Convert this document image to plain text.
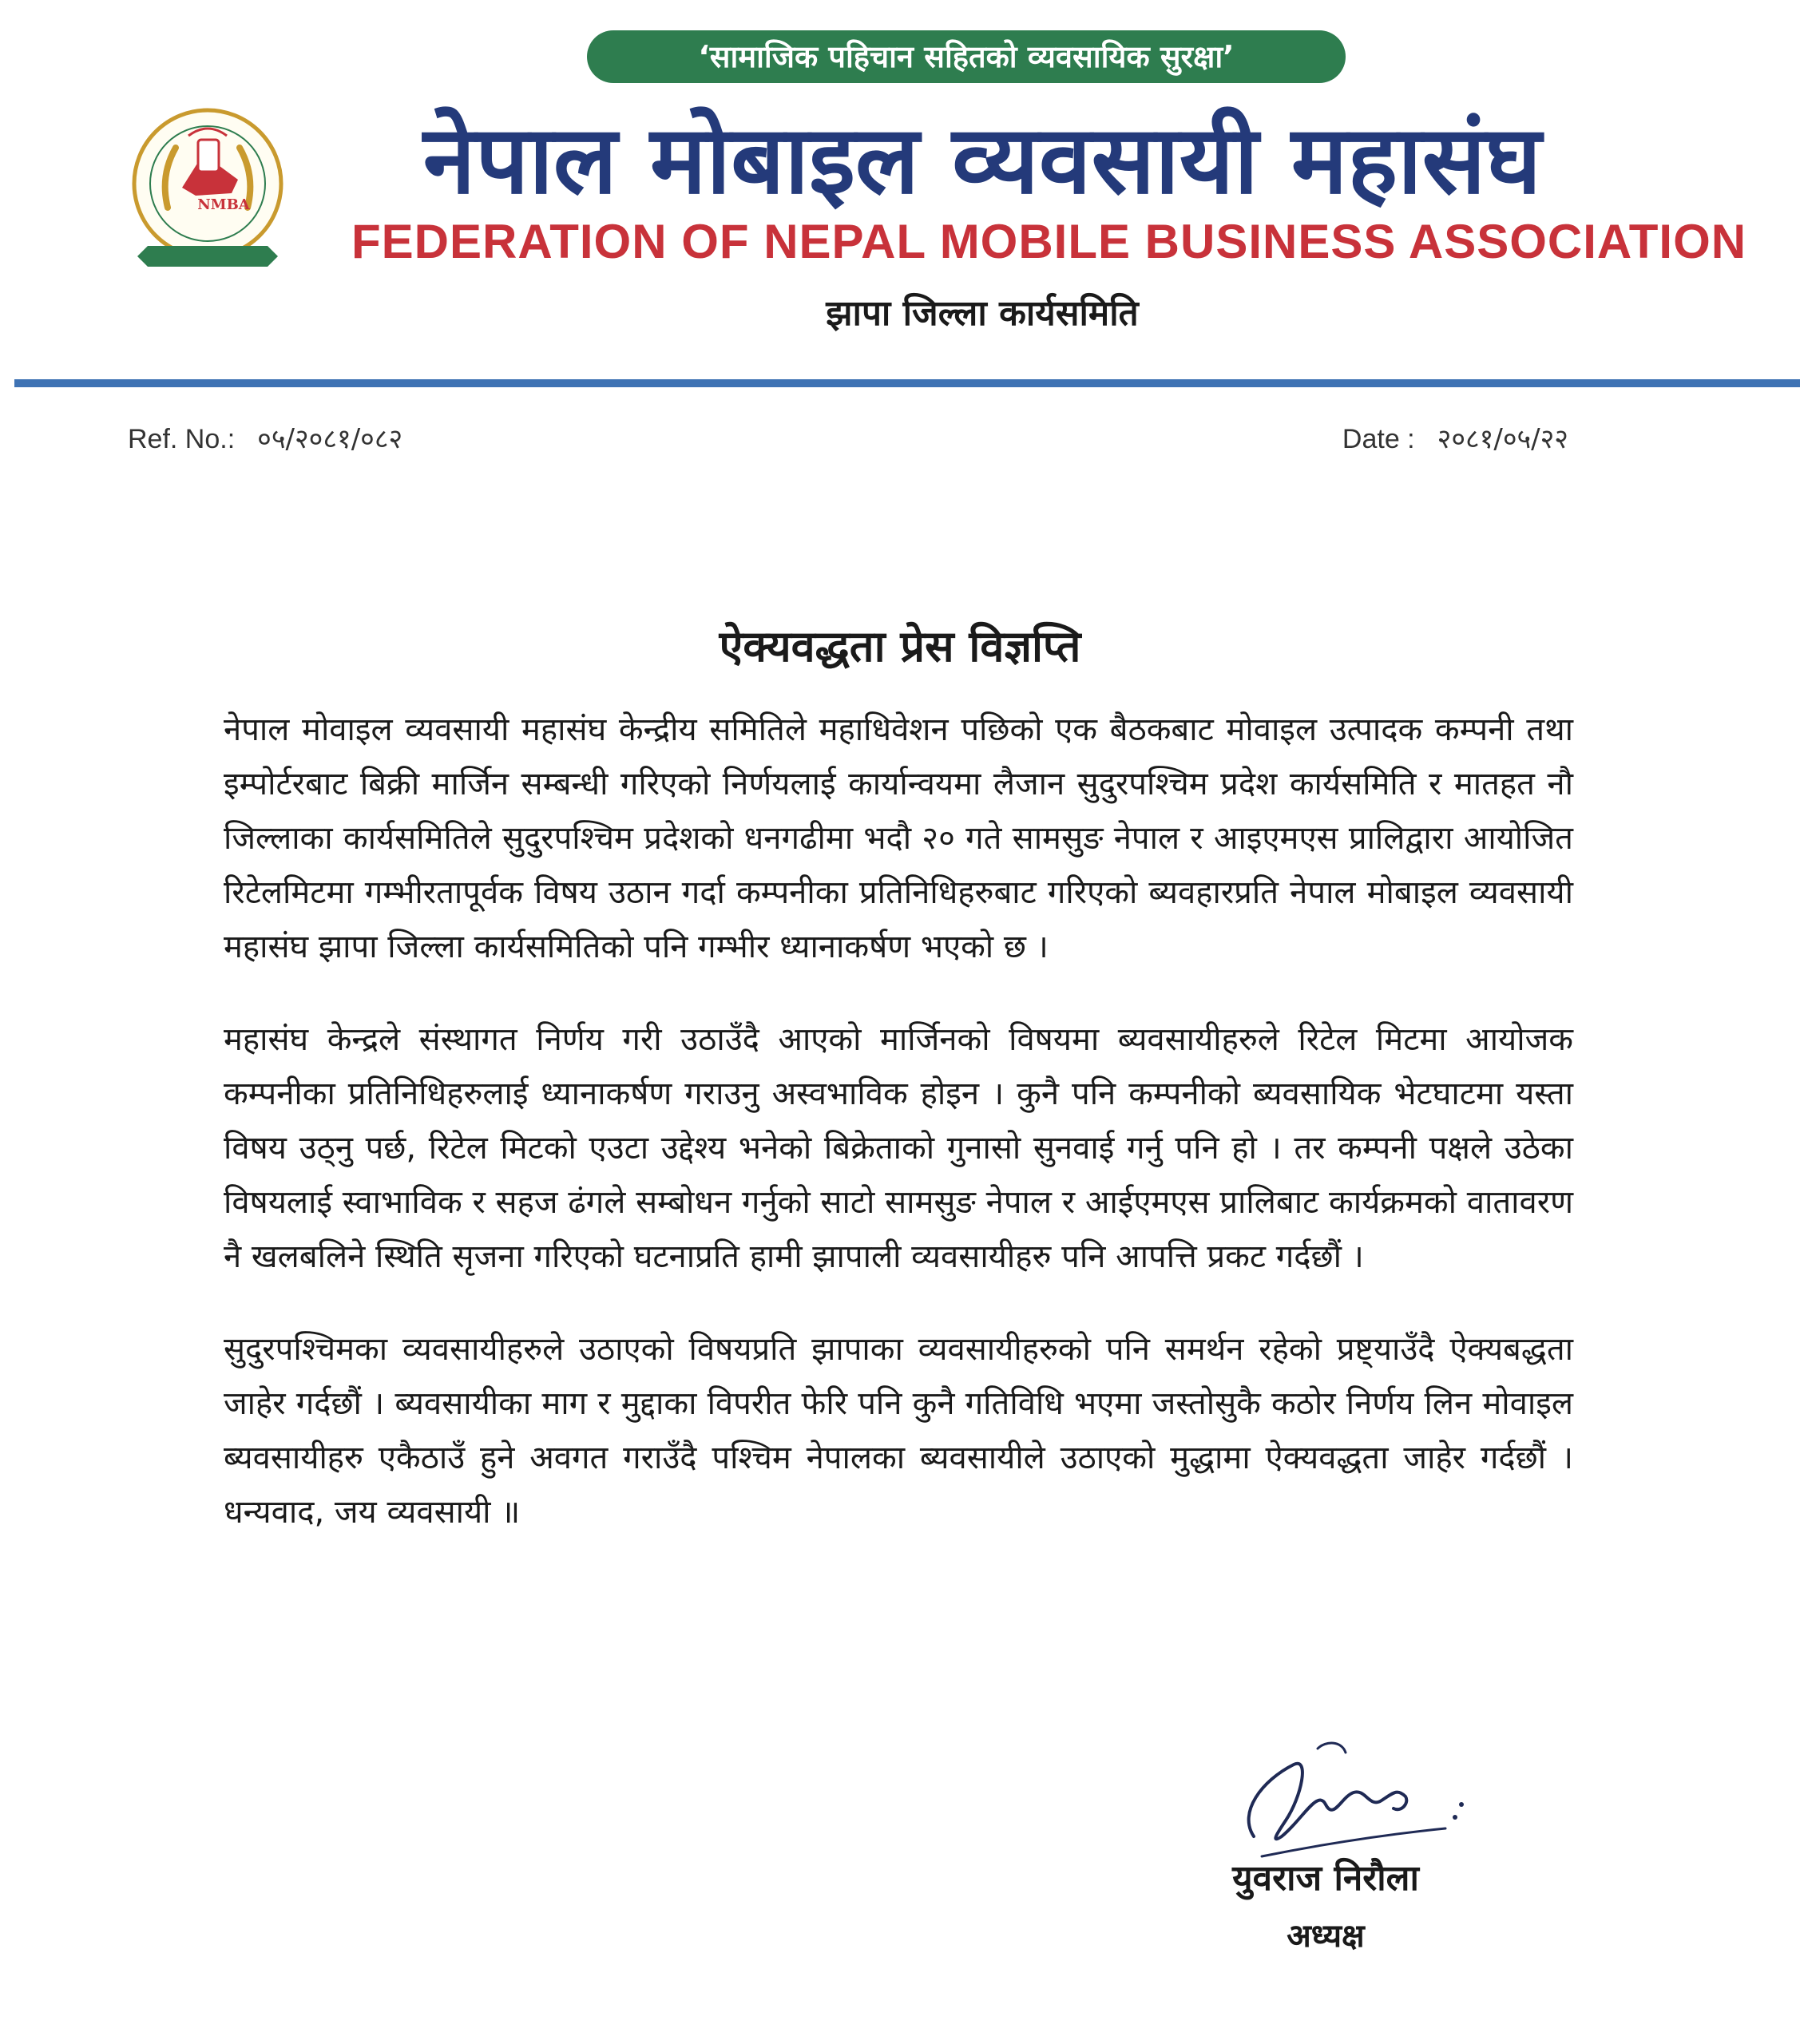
‘सामाजिक पहिचान सहितको व्यवसायिक सुरक्षा’
NMBA	नेपाल मोबाइल व्यवसायी महासंघ
FEDERATION OF NEPAL MOBILE BUSINESS ASSOCIATION
झापा जिल्ला कार्यसमिति
Ref. No.: ०५/२०८१/०८२	Date : २०८१/०५/२२
ऐक्यवद्धता प्रेस विज्ञप्ति

नेपाल मोवाइल व्यवसायी महासंघ केन्द्रीय समितिले महाधिवेशन पछिको एक बैठकबाट मोवाइल उत्पादक कम्पनी तथा इम्पोर्टरबाट बिक्री मार्जिन सम्बन्धी गरिएको निर्णयलाई कार्यान्वयमा लैजान सुदुरपश्चिम प्रदेश कार्यसमिति र मातहत नौ जिल्लाका कार्यसमितिले सुदुरपश्चिम प्रदेशको धनगढीमा भदौ २० गते सामसुङ नेपाल र आइएमएस प्रालिद्वारा आयोजित रिटेलमिटमा गम्भीरतापूर्वक विषय उठान गर्दा कम्पनीका प्रतिनिधिहरुबाट गरिएको ब्यवहारप्रति नेपाल मोबाइल व्यवसायी महासंघ झापा जिल्ला कार्यसमितिको पनि गम्भीर ध्यानाकर्षण भएको छ ।

महासंघ केन्द्रले संस्थागत निर्णय गरी उठाउँदै आएको मार्जिनको विषयमा ब्यवसायीहरुले रिटेल मिटमा आयोजक कम्पनीका प्रतिनिधिहरुलाई ध्यानाकर्षण गराउनु अस्वभाविक होइन । कुनै पनि कम्पनीको ब्यवसायिक भेटघाटमा यस्ता विषय उठ्नु पर्छ, रिटेल मिटको एउटा उद्देश्य भनेको बिक्रेताको गुनासो सुनवाई गर्नु पनि हो । तर कम्पनी पक्षले उठेका विषयलाई स्वाभाविक र सहज ढंगले सम्बोधन गर्नुको साटो सामसुङ नेपाल र आईएमएस प्रालिबाट कार्यक्रमको वातावरण नै खलबलिने स्थिति सृजना गरिएको घटनाप्रति हामी झापाली व्यवसायीहरु पनि आपत्ति प्रकट गर्दछौं ।

सुदुरपश्चिमका व्यवसायीहरुले उठाएको विषयप्रति झापाका व्यवसायीहरुको पनि समर्थन रहेको प्रष्ट्याउँदै ऐक्यबद्धता जाहेर गर्दछौं । ब्यवसायीका माग र मुद्दाका विपरीत फेरि पनि कुनै गतिविधि भएमा जस्तोसुकै कठोर निर्णय लिन मोवाइल ब्यवसायीहरु एकैठाउँ हुने अवगत गराउँदै पश्चिम नेपालका ब्यवसायीले उठाएको मुद्धामा ऐक्यवद्धता जाहेर गर्दछौं । धन्यवाद, जय व्यवसायी ॥

युवराज निरौला
अध्यक्ष
